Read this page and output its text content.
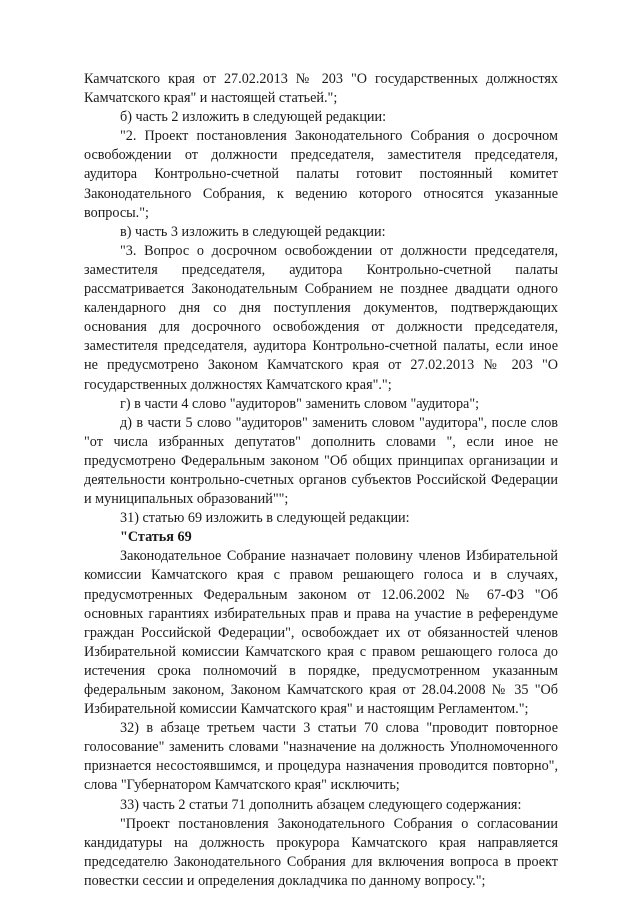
Камчатского края от 27.02.2013 № 203 "О государственных должностях Камчатского края" и настоящей статьей.";

б) часть 2 изложить в следующей редакции:

"2. Проект постановления Законодательного Собрания о досрочном освобождении от должности председателя, заместителя председателя, аудитора Контрольно-счетной палаты готовит постоянный комитет Законодательного Собрания, к ведению которого относятся указанные вопросы.";

в) часть 3 изложить в следующей редакции:

"3. Вопрос о досрочном освобождении от должности председателя, заместителя председателя, аудитора Контрольно-счетной палаты рассматривается Законодательным Собранием не позднее двадцати одного календарного дня со дня поступления документов, подтверждающих основания для досрочного освобождения от должности председателя, заместителя председателя, аудитора Контрольно-счетной палаты, если иное не предусмотрено Законом Камчатского края от 27.02.2013 № 203 "О государственных должностях Камчатского края".";

г) в части 4 слово "аудиторов" заменить словом "аудитора";

д) в части 5 слово "аудиторов" заменить словом "аудитора", после слов "от числа избранных депутатов" дополнить словами ", если иное не предусмотрено Федеральным законом "Об общих принципах организации и деятельности контрольно-счетных органов субъектов Российской Федерации и муниципальных образований"";

31) статью 69 изложить в следующей редакции:

"Статья 69

Законодательное Собрание назначает половину членов Избирательной комиссии Камчатского края с правом решающего голоса и в случаях, предусмотренных Федеральным законом от 12.06.2002 № 67-ФЗ "Об основных гарантиях избирательных прав и права на участие в референдуме граждан Российской Федерации", освобождает их от обязанностей членов Избирательной комиссии Камчатского края с правом решающего голоса до истечения срока полномочий в порядке, предусмотренном указанным федеральным законом, Законом Камчатского края от 28.04.2008 № 35 "Об Избирательной комиссии Камчатского края" и настоящим Регламентом.";

32) в абзаце третьем части 3 статьи 70 слова "проводит повторное голосование" заменить словами "назначение на должность Уполномоченного признается несостоявшимся, и процедура назначения проводится повторно", слова "Губернатором Камчатского края" исключить;

33) часть 2 статьи 71 дополнить абзацем следующего содержания:

"Проект постановления Законодательного Собрания о согласовании кандидатуры на должность прокурора Камчатского края направляется председателю Законодательного Собрания для включения вопроса в проект повестки сессии и определения докладчика по данному вопросу.";
